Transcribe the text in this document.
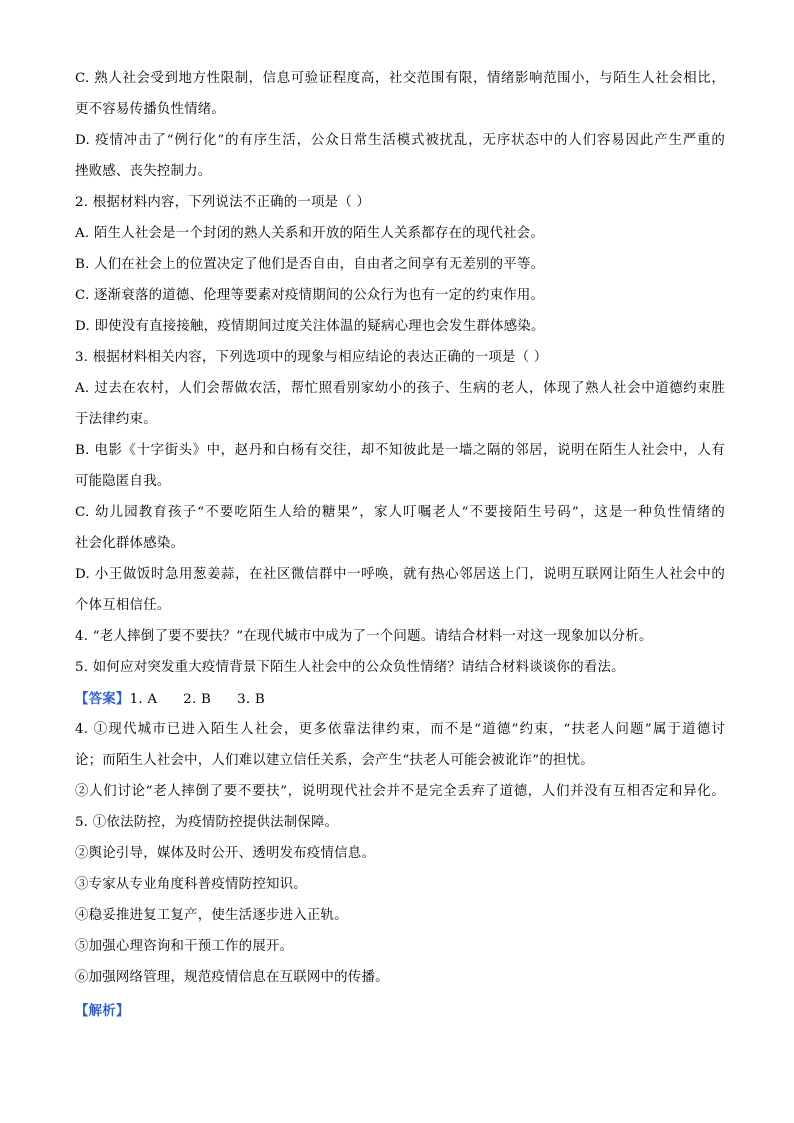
C. 熟人社会受到地方性限制，信息可验证程度高，社交范围有限，情绪影响范围小，与陌生人社会相比，
更不容易传播负性情绪。
D. 疫情冲击了“例行化”的有序生活，公众日常生活模式被扰乱，无序状态中的人们容易因此产生严重的
挫败感、丧失控制力。
2. 根据材料内容，下列说法不正确的一项是（ ）
A. 陌生人社会是一个封闭的熟人关系和开放的陌生人关系都存在的现代社会。
B. 人们在社会上的位置决定了他们是否自由，自由者之间享有无差别的平等。
C. 逐渐衰落的道德、伦理等要素对疫情期间的公众行为也有一定的约束作用。
D. 即使没有直接接触，疫情期间过度关注体温的疑病心理也会发生群体感染。
3. 根据材料相关内容，下列选项中的现象与相应结论的表达正确的一项是（ ）
A. 过去在农村，人们会帮做农活，帮忙照看别家幼小的孩子、生病的老人，体现了熟人社会中道德约束胜
于法律约束。
B. 电影《十字街头》中，赵丹和白杨有交往，却不知彼此是一墙之隔的邻居，说明在陌生人社会中，人有
可能隐匿自我。
C. 幼儿园教育孩子“不要吃陌生人给的糖果”，家人叮嘱老人“不要接陌生号码”，这是一种负性情绪的
社会化群体感染。
D. 小王做饭时急用葱姜蒜，在社区微信群中一呼唤，就有热心邻居送上门，说明互联网让陌生人社会中的
个体互相信任。
4. “老人摔倒了要不要扶？”在现代城市中成为了一个问题。请结合材料一对这一现象加以分析。
5. 如何应对突发重大疫情背景下陌生人社会中的公众负性情绪？请结合材料谈谈你的看法。
【答案】1. A 2. B 3. B
4. ①现代城市已进入陌生人社会，更多依靠法律约束，而不是“道德”约束，“扶老人问题”属于道德讨
论；而陌生人社会中，人们难以建立信任关系，会产生“扶老人可能会被讹诈”的担忧。
②人们讨论“老人摔倒了要不要扶”，说明现代社会并不是完全丢弃了道德，人们并没有互相否定和异化。
5. ①依法防控，为疫情防控提供法制保障。
②舆论引导，媒体及时公开、透明发布疫情信息。
③专家从专业角度科普疫情防控知识。
④稳妥推进复工复产，使生活逐步进入正轨。
⑤加强心理咨询和干预工作的展开。
⑥加强网络管理，规范疫情信息在互联网中的传播。
【解析】
